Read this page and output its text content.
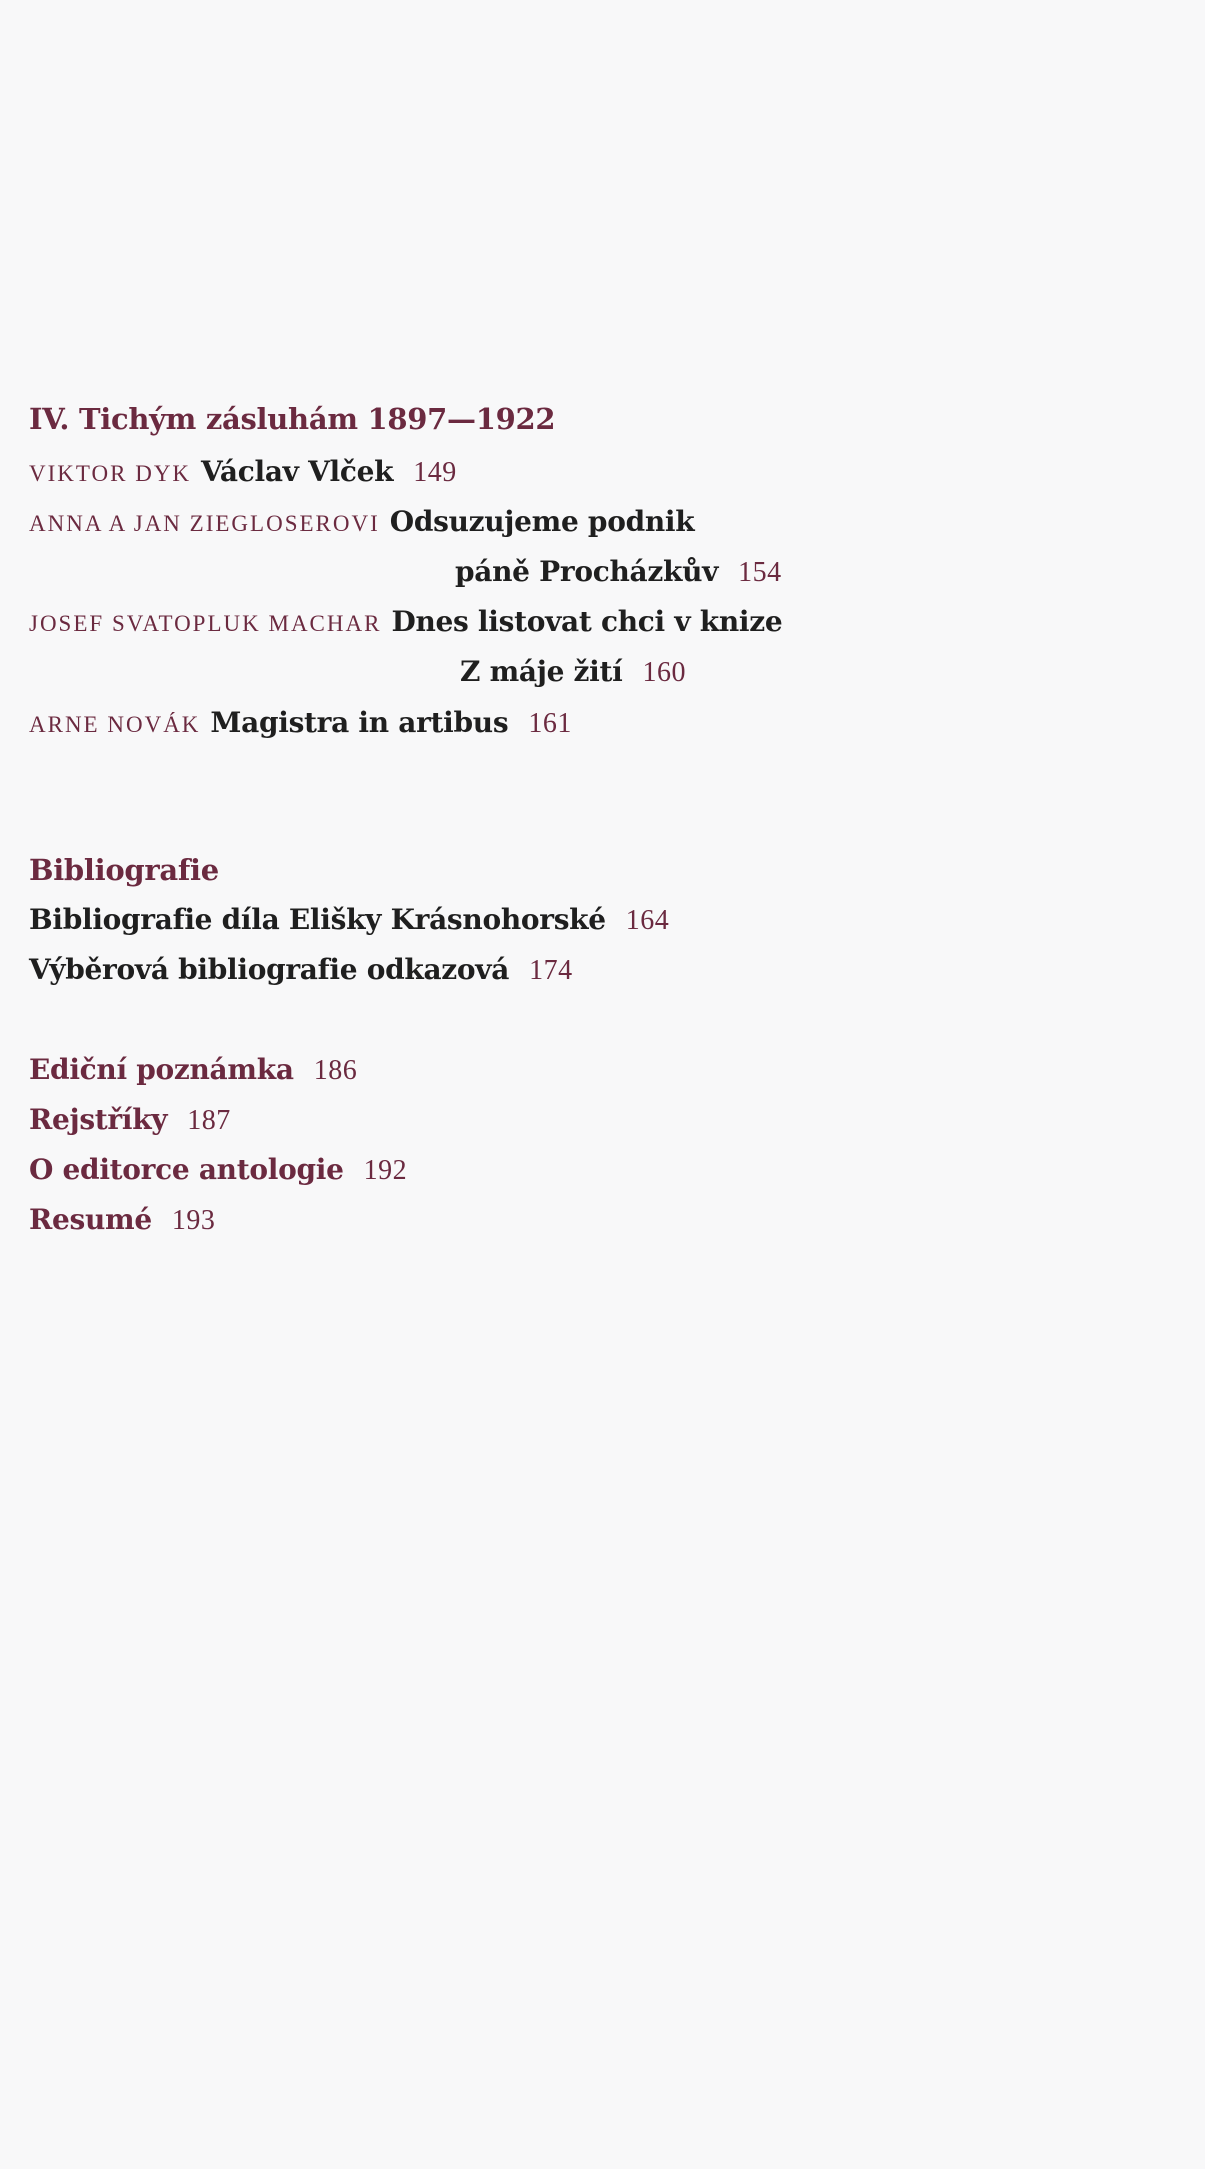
IV. Tichým zásluhám 1897—1922
VIKTOR DYK Václav Vlček 149
ANNA A JAN ZIEGLOSEROVI Odsuzujeme podnik
páně Procházkův 154
JOSEF SVATOPLUK MACHAR Dnes listovat chci v knize
Z máje žití 160
ARNE NOVÁK Magistra in artibus 161
Bibliografie
Bibliografie díla Elišky Krásnohorské 164
Výběrová bibliografie odkazová 174
Ediční poznámka 186
Rejstříky 187
O editorce antologie 192
Resumé 193
